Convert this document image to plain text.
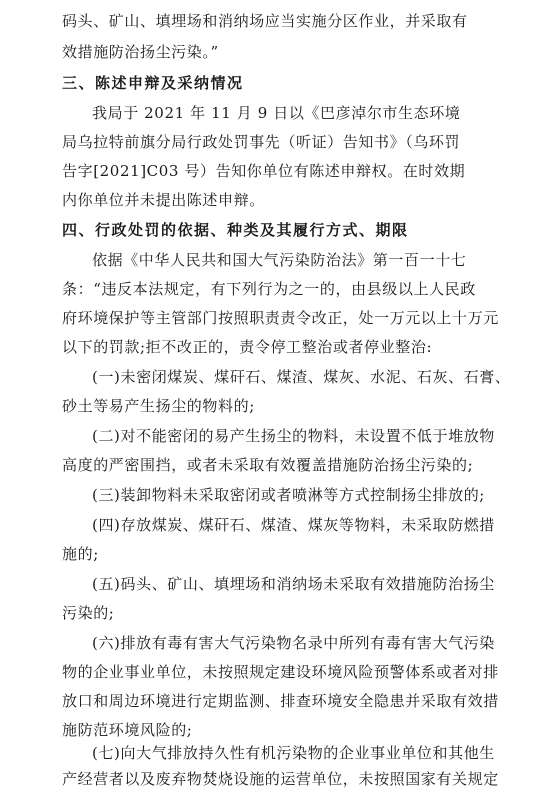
码头、矿山、填埋场和消纳场应当实施分区作业，并采取有
效措施防治扬尘污染。”
三、陈述申辩及采纳情况
我局于 2021 年 11 月 9 日以《巴彦淖尔市生态环境
局乌拉特前旗分局行政处罚事先（听证）告知书》（乌环罚
告字[2021]C03 号）告知你单位有陈述申辩权。在时效期
内你单位并未提出陈述申辩。
四、行政处罚的依据、种类及其履行方式、期限
依据《中华人民共和国大气污染防治法》第一百一十七
条：“违反本法规定，有下列行为之一的，由县级以上人民政
府环境保护等主管部门按照职责责令改正，处一万元以上十万元
以下的罚款;拒不改正的，责令停工整治或者停业整治:
(一)未密闭煤炭、煤矸石、煤渣、煤灰、水泥、石灰、石膏、
砂土等易产生扬尘的物料的;
(二)对不能密闭的易产生扬尘的物料，未设置不低于堆放物
高度的严密围挡，或者未采取有效覆盖措施防治扬尘污染的;
(三)装卸物料未采取密闭或者喷淋等方式控制扬尘排放的;
(四)存放煤炭、煤矸石、煤渣、煤灰等物料，未采取防燃措
施的;
(五)码头、矿山、填埋场和消纳场未采取有效措施防治扬尘
污染的;
(六)排放有毒有害大气污染物名录中所列有毒有害大气污染
物的企业事业单位，未按照规定建设环境风险预警体系或者对排
放口和周边环境进行定期监测、排查环境安全隐患并采取有效措
施防范环境风险的;
(七)向大气排放持久性有机污染物的企业事业单位和其他生
产经营者以及废弃物焚烧设施的运营单位，未按照国家有关规定
